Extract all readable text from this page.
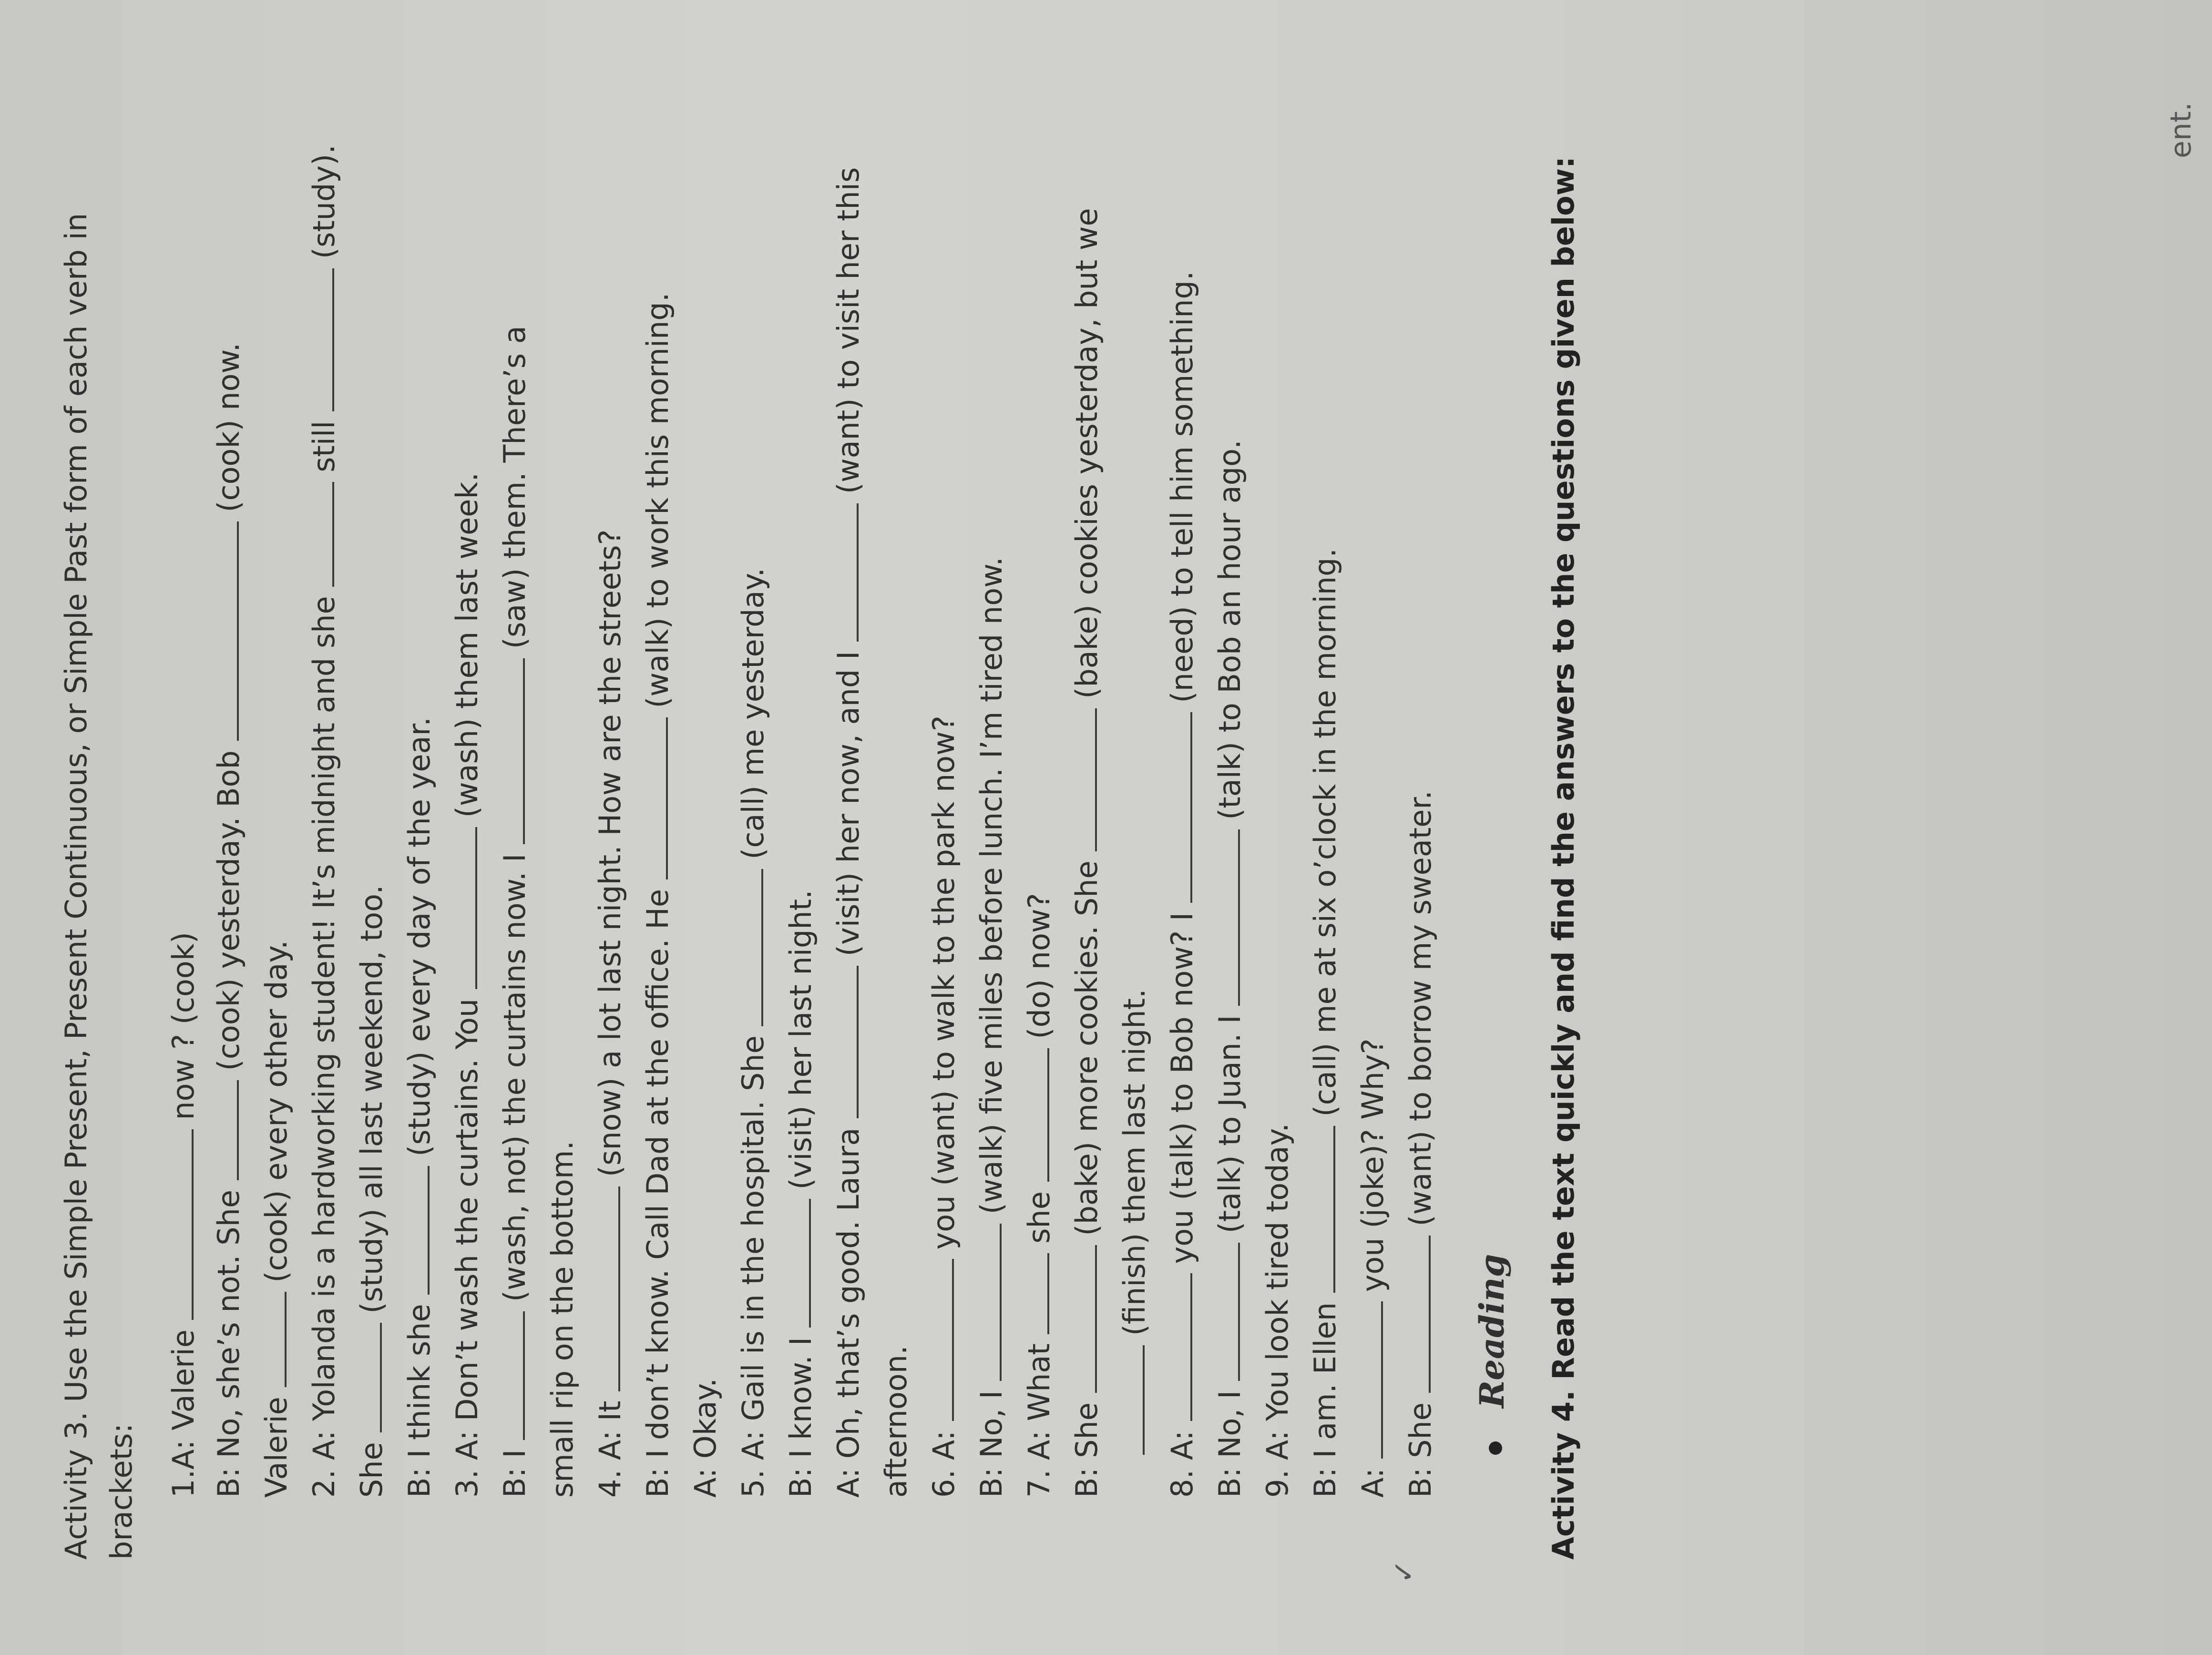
✓
ent.
Activity 3. Use the Simple Present, Present Continuous, or Simple Past form of each verb in brackets: 1.A: Valerie  now ? (cook)
B: No, she’s not. She  (cook) yesterday. Bob  (cook) now.
Valerie  (cook) every other day. 2. A: Yolanda is a hardworking student! It’s midnight and she  still  (study).
She  (study) all last weekend, too.
B: I think she  (study) every day of the year.
3. A: Don’t wash the curtains. You  (wash) them last week.
B: I  (wash, not) the curtains now. I  (saw) them. There’s a
small rip on the bottom. 4. A: It  (snow) a lot last night. How are the streets?
B: I don’t know. Call Dad at the office. He  (walk) to work this morning.
A: Okay. 5. A: Gail is in the hospital. She  (call) me yesterday.
B: I know. I  (visit) her last night.
A: Oh, that’s good. Laura  (visit) her now, and I  (want) to visit her this
afternoon. 6. A:  you (want) to walk to the park now?
B: No, I  (walk) five miles before lunch. I’m tired now.
7. A: What  she  (do) now?
B: She  (bake) more cookies. She  (bake) cookies yesterday, but we
(finish) them last night.
8. A:  you (talk) to Bob now? I  (need) to tell him something.
B: No, I  (talk) to Juan. I  (talk) to Bob an hour ago.
9. A: You look tired today. B: I am. Ellen  (call) me at six o’clock in the morning.
A:  you (joke)? Why?
B: She  (want) to borrow my sweater.
Reading Activity 4. Read the text quickly and find the answers to the questions given below:
